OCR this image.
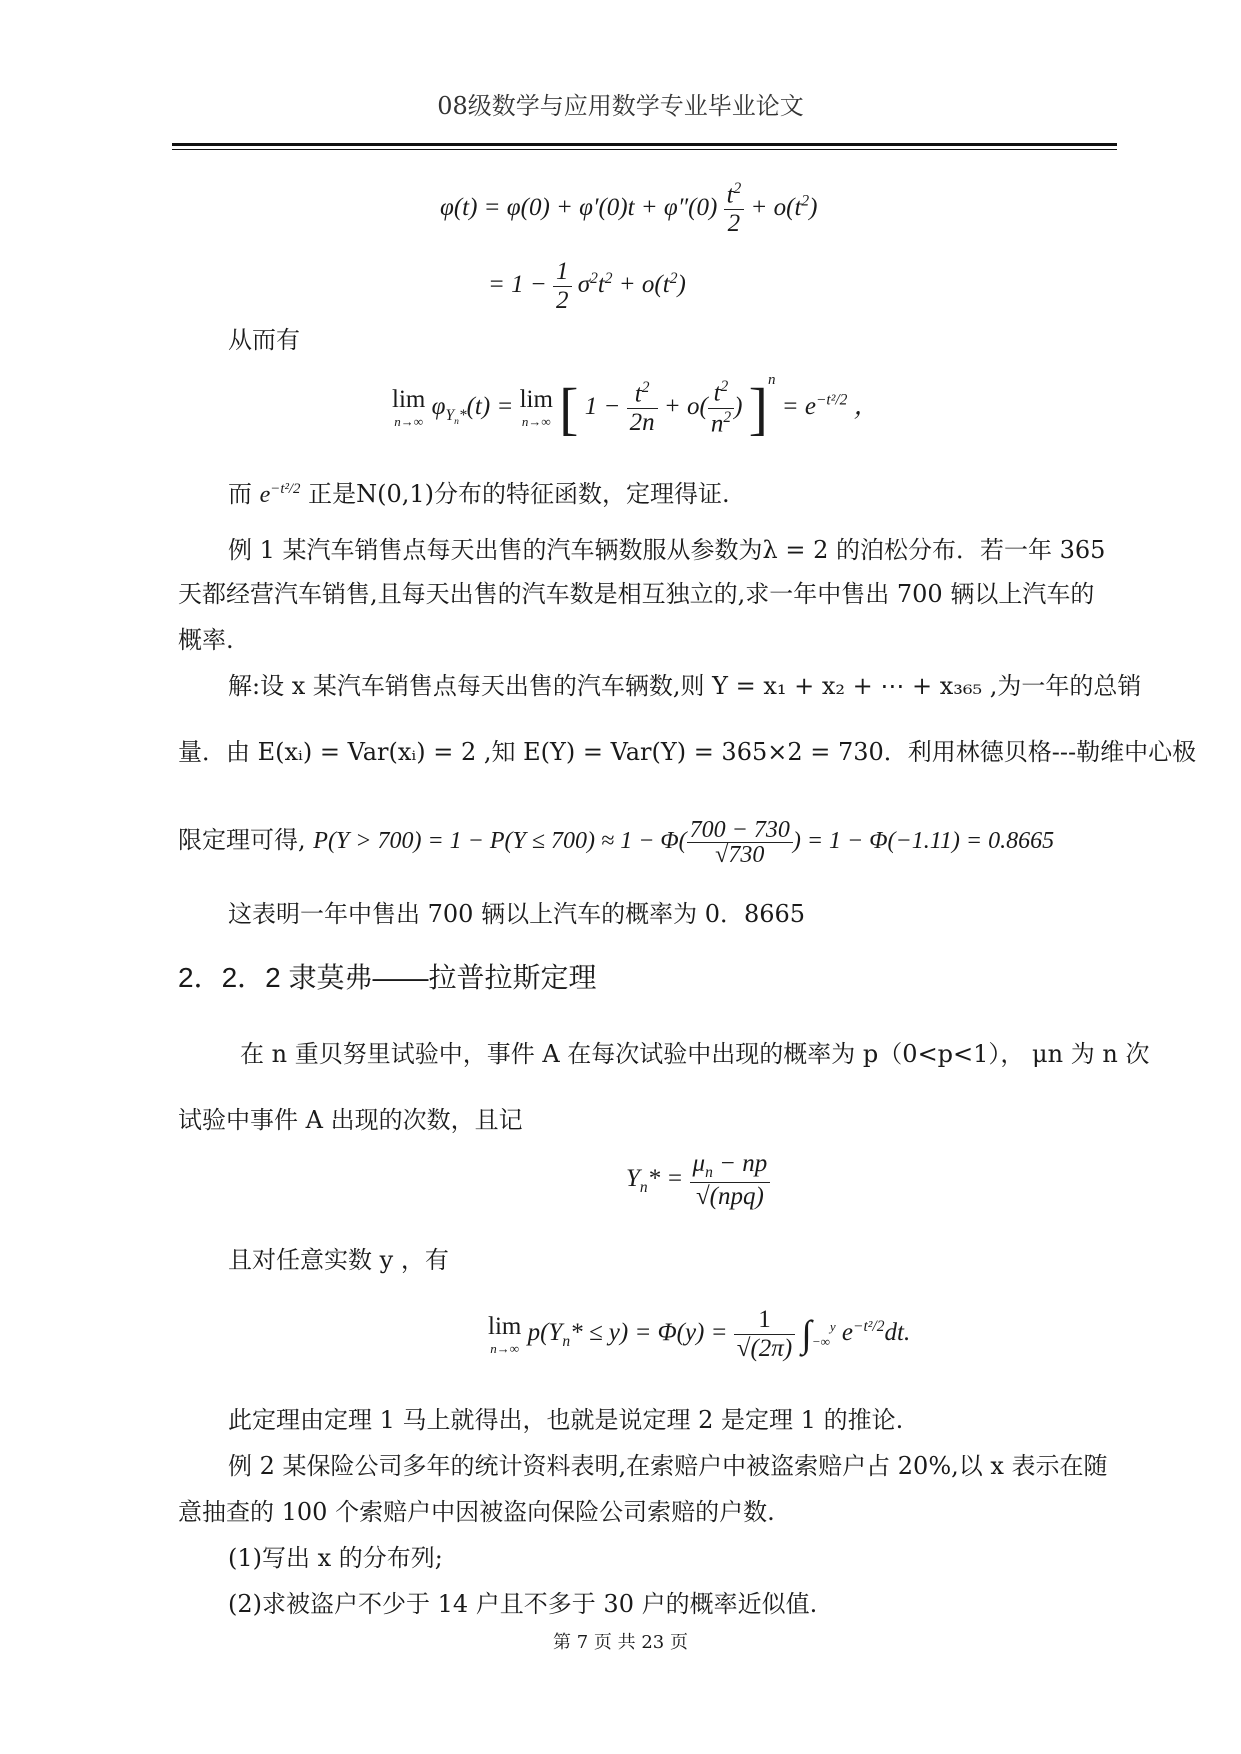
08级数学与应用数学专业毕业论文
$\varphi(t) = \varphi(0) + \varphi'(0)t + \varphi''(0) \frac{t^2}{2} + o(t^2)$
= $1 - \frac{1}{2} \sigma^2t^2 + o(t^2)$
从而有
lim
n→∞
$\varphi_{Y_n*}(t) = \lim$
n→∞ [ $1 - \frac{t^2}{2n} + o( \frac{t^2}{n^2}$ ) ]$^n = e^{-t^2/2}$ ，
而 $e^{-t^2/2}$ 正是N(0,1)分布的特征函数，定理得证.
例 1 某汽车销售点每天出售的汽车辆数服从参数为λ = 2 的泊松分布．若一年 365
天都经营汽车销售,且每天出售的汽车数是相互独立的,求一年中售出 700 辆以上汽车的
概率.
解:设 x 某汽车销售点每天出售的汽车辆数,则 Y = x₁ + x₂ + ⋯ + x₃₆₅ ,为一年的总销
量．由 E(xᵢ) = Var(xᵢ) = 2 ,知 E(Y) = Var(Y) = 365×2 = 730．利用林德贝格---勒维中心极
限定理可得, $P(Y > 700) = 1 - P(Y \le 700) \approx 1 - \Phi( \frac{700 - 730}{√730}$ ) = 1 − Φ(−1.11) = 0.8665
这表明一年中售出 700 辆以上汽车的概率为 0．8665
2．2．2 隶莫弗——拉普拉斯定理
在 n 重贝努里试验中，事件 A 在每次试验中出现的概率为 p（0<p<1）， μn 为 n 次
试验中事件 A 出现的次数，且记
$Y_n* = \frac{\mu_n - np}{\text{√(npq)}}$
且对任意实数 y ，有
lim
n→∞
$p(Y_n* \le y) = \Phi(y) = \frac{1}{√(2\pi)} \int_{-\infty}^y$ $e^{-t^2/2}dt$.
此定理由定理 1 马上就得出，也就是说定理 2 是定理 1 的推论.
例 2 某保险公司多年的统计资料表明,在索赔户中被盗索赔户占 20%,以 x 表示在随
意抽查的 100 个索赔户中因被盗向保险公司索赔的户数.
(1)写出 x 的分布列;
(2)求被盗户不少于 14 户且不多于 30 户的概率近似值.
第 7 页 共 23 页
